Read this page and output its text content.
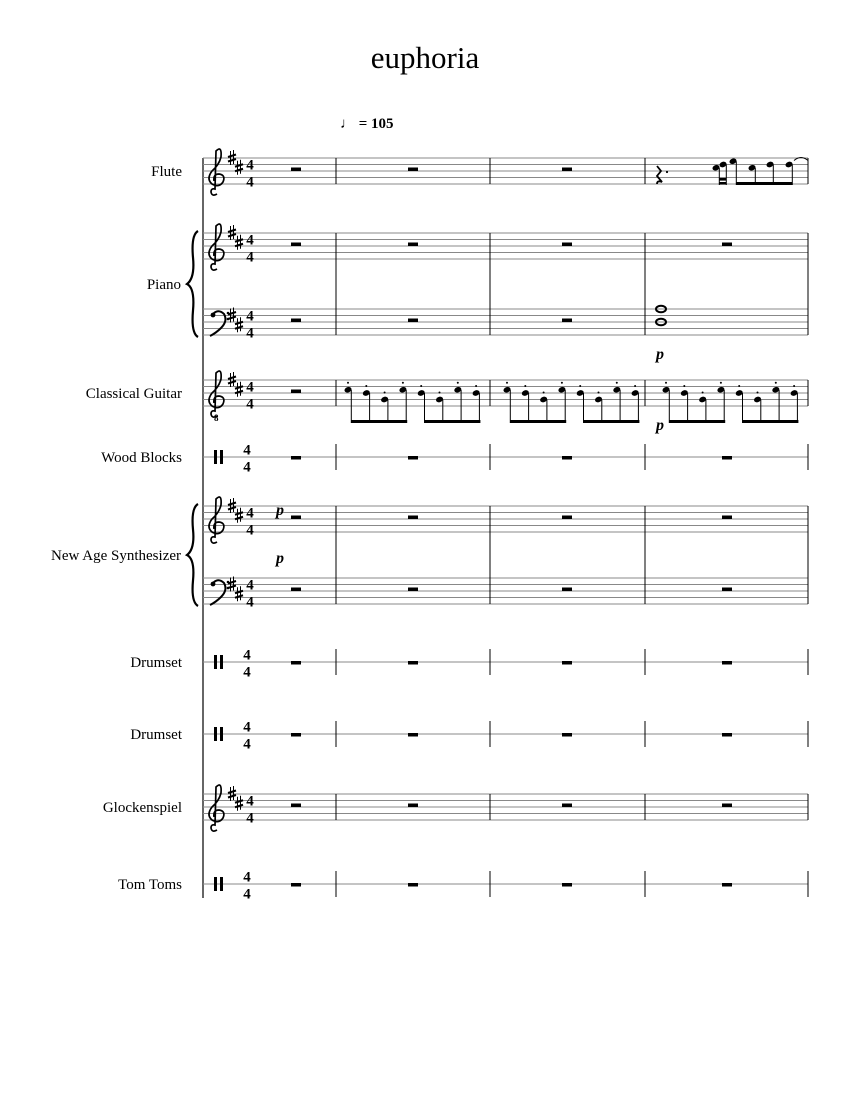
euphoria
♩ = 105
4
4
Flute
4
4
4
4
Piano
8
4
4
Classical Guitar
4
4
Wood Blocks
4
4
4
4
New Age Synthesizer
4
4
Drumset
4
4
Drumset
4
4
Glockenspiel
4
4
Tom Toms
p
p
p
p
